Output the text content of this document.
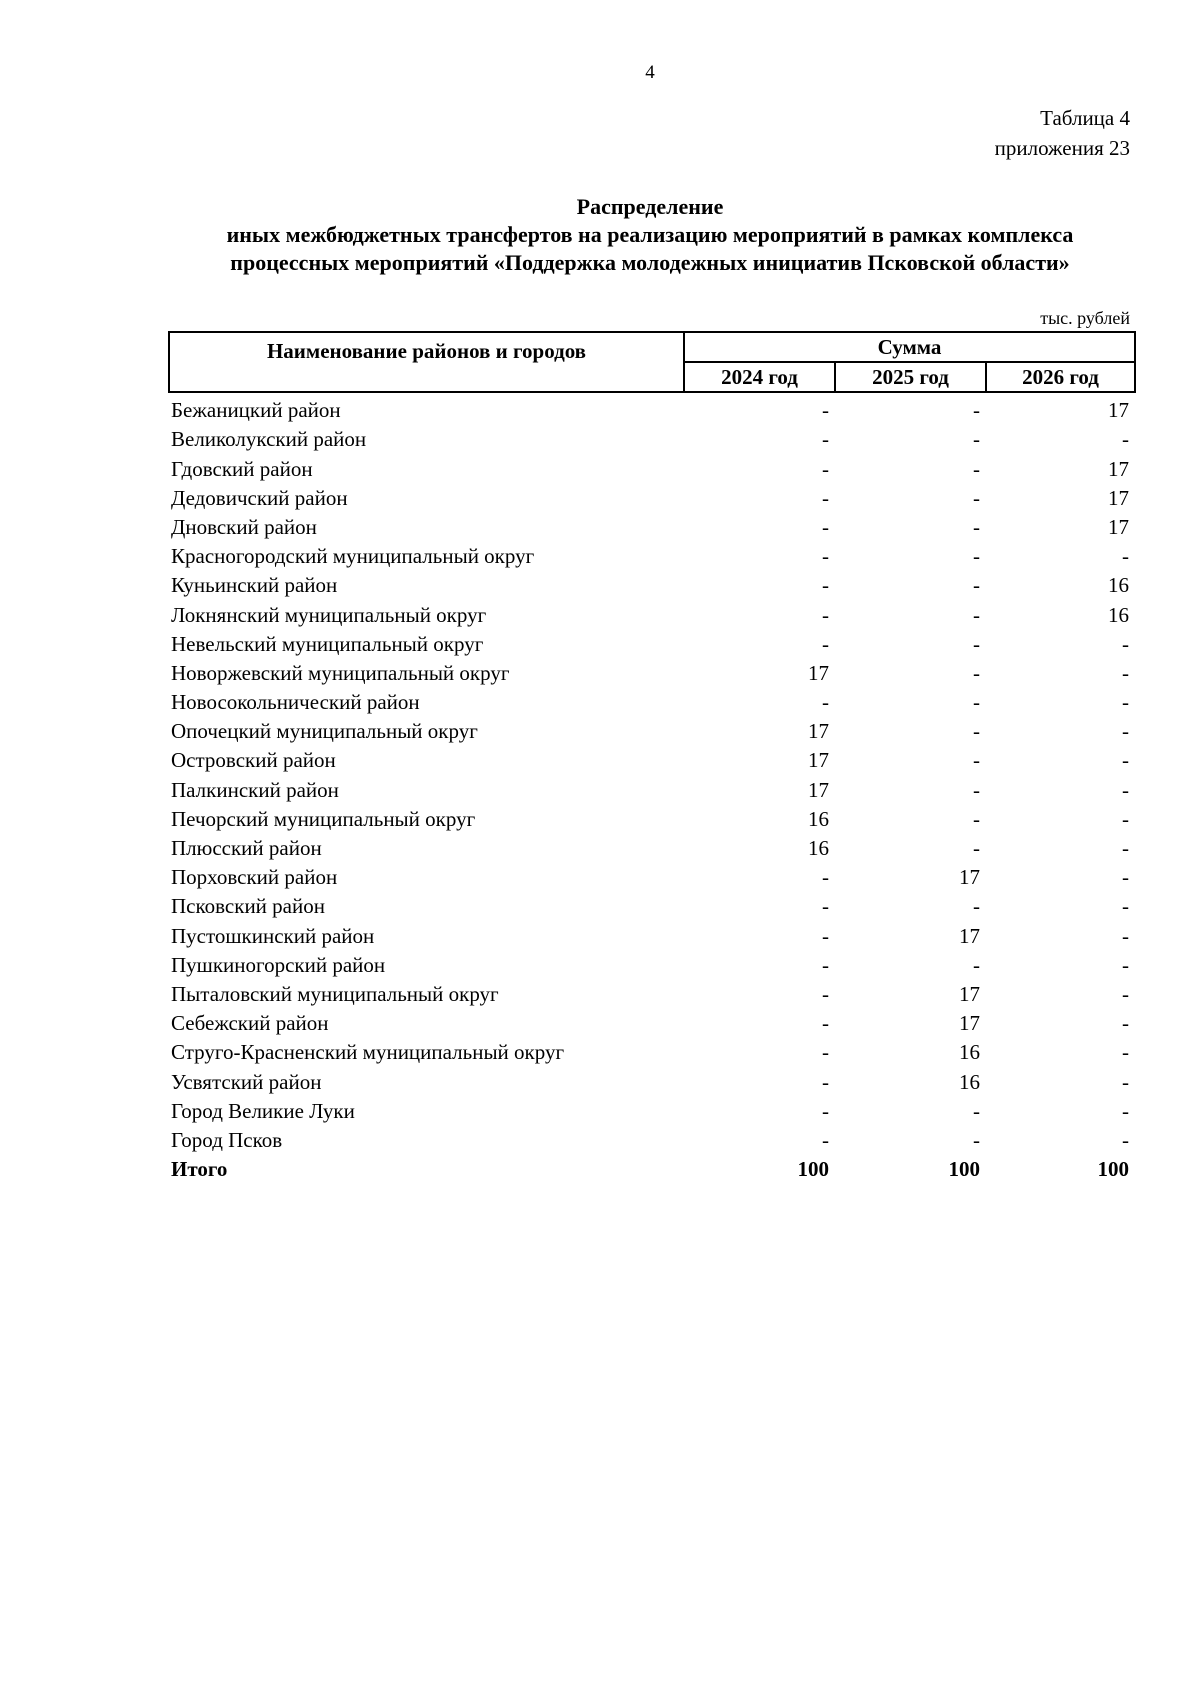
4
Таблица 4
приложения 23
Распределение
иных межбюджетных трансфертов на реализацию мероприятий в рамках комплекса
процессных мероприятий «Поддержка молодежных инициатив Псковской области»
тыс. рублей
Наименование районов и городов	Сумма		
	2024 год	2025 год	2026 год
Бежаницкий район	-	-	17
Великолукский район	-	-	-
Гдовский район	-	-	17
Дедовичский район	-	-	17
Дновский район	-	-	17
Красногородский муниципальный округ	-	-	-
Куньинский район	-	-	16
Локнянский муниципальный округ	-	-	16
Невельский муниципальный округ	-	-	-
Новоржевский муниципальный округ	17	-	-
Новосокольнический район	-	-	-
Опочецкий муниципальный округ	17	-	-
Островский район	17	-	-
Палкинский район	17	-	-
Печорский муниципальный округ	16	-	-
Плюсский район	16	-	-
Порховский район	-	17	-
Псковский район	-	-	-
Пустошкинский район	-	17	-
Пушкиногорский район	-	-	-
Пыталовский муниципальный округ	-	17	-
Себежский район	-	17	-
Струго-Красненский муниципальный округ	-	16	-
Усвятский район	-	16	-
Город Великие Луки	-	-	-
Город Псков	-	-	-
Итого	100	100	100
